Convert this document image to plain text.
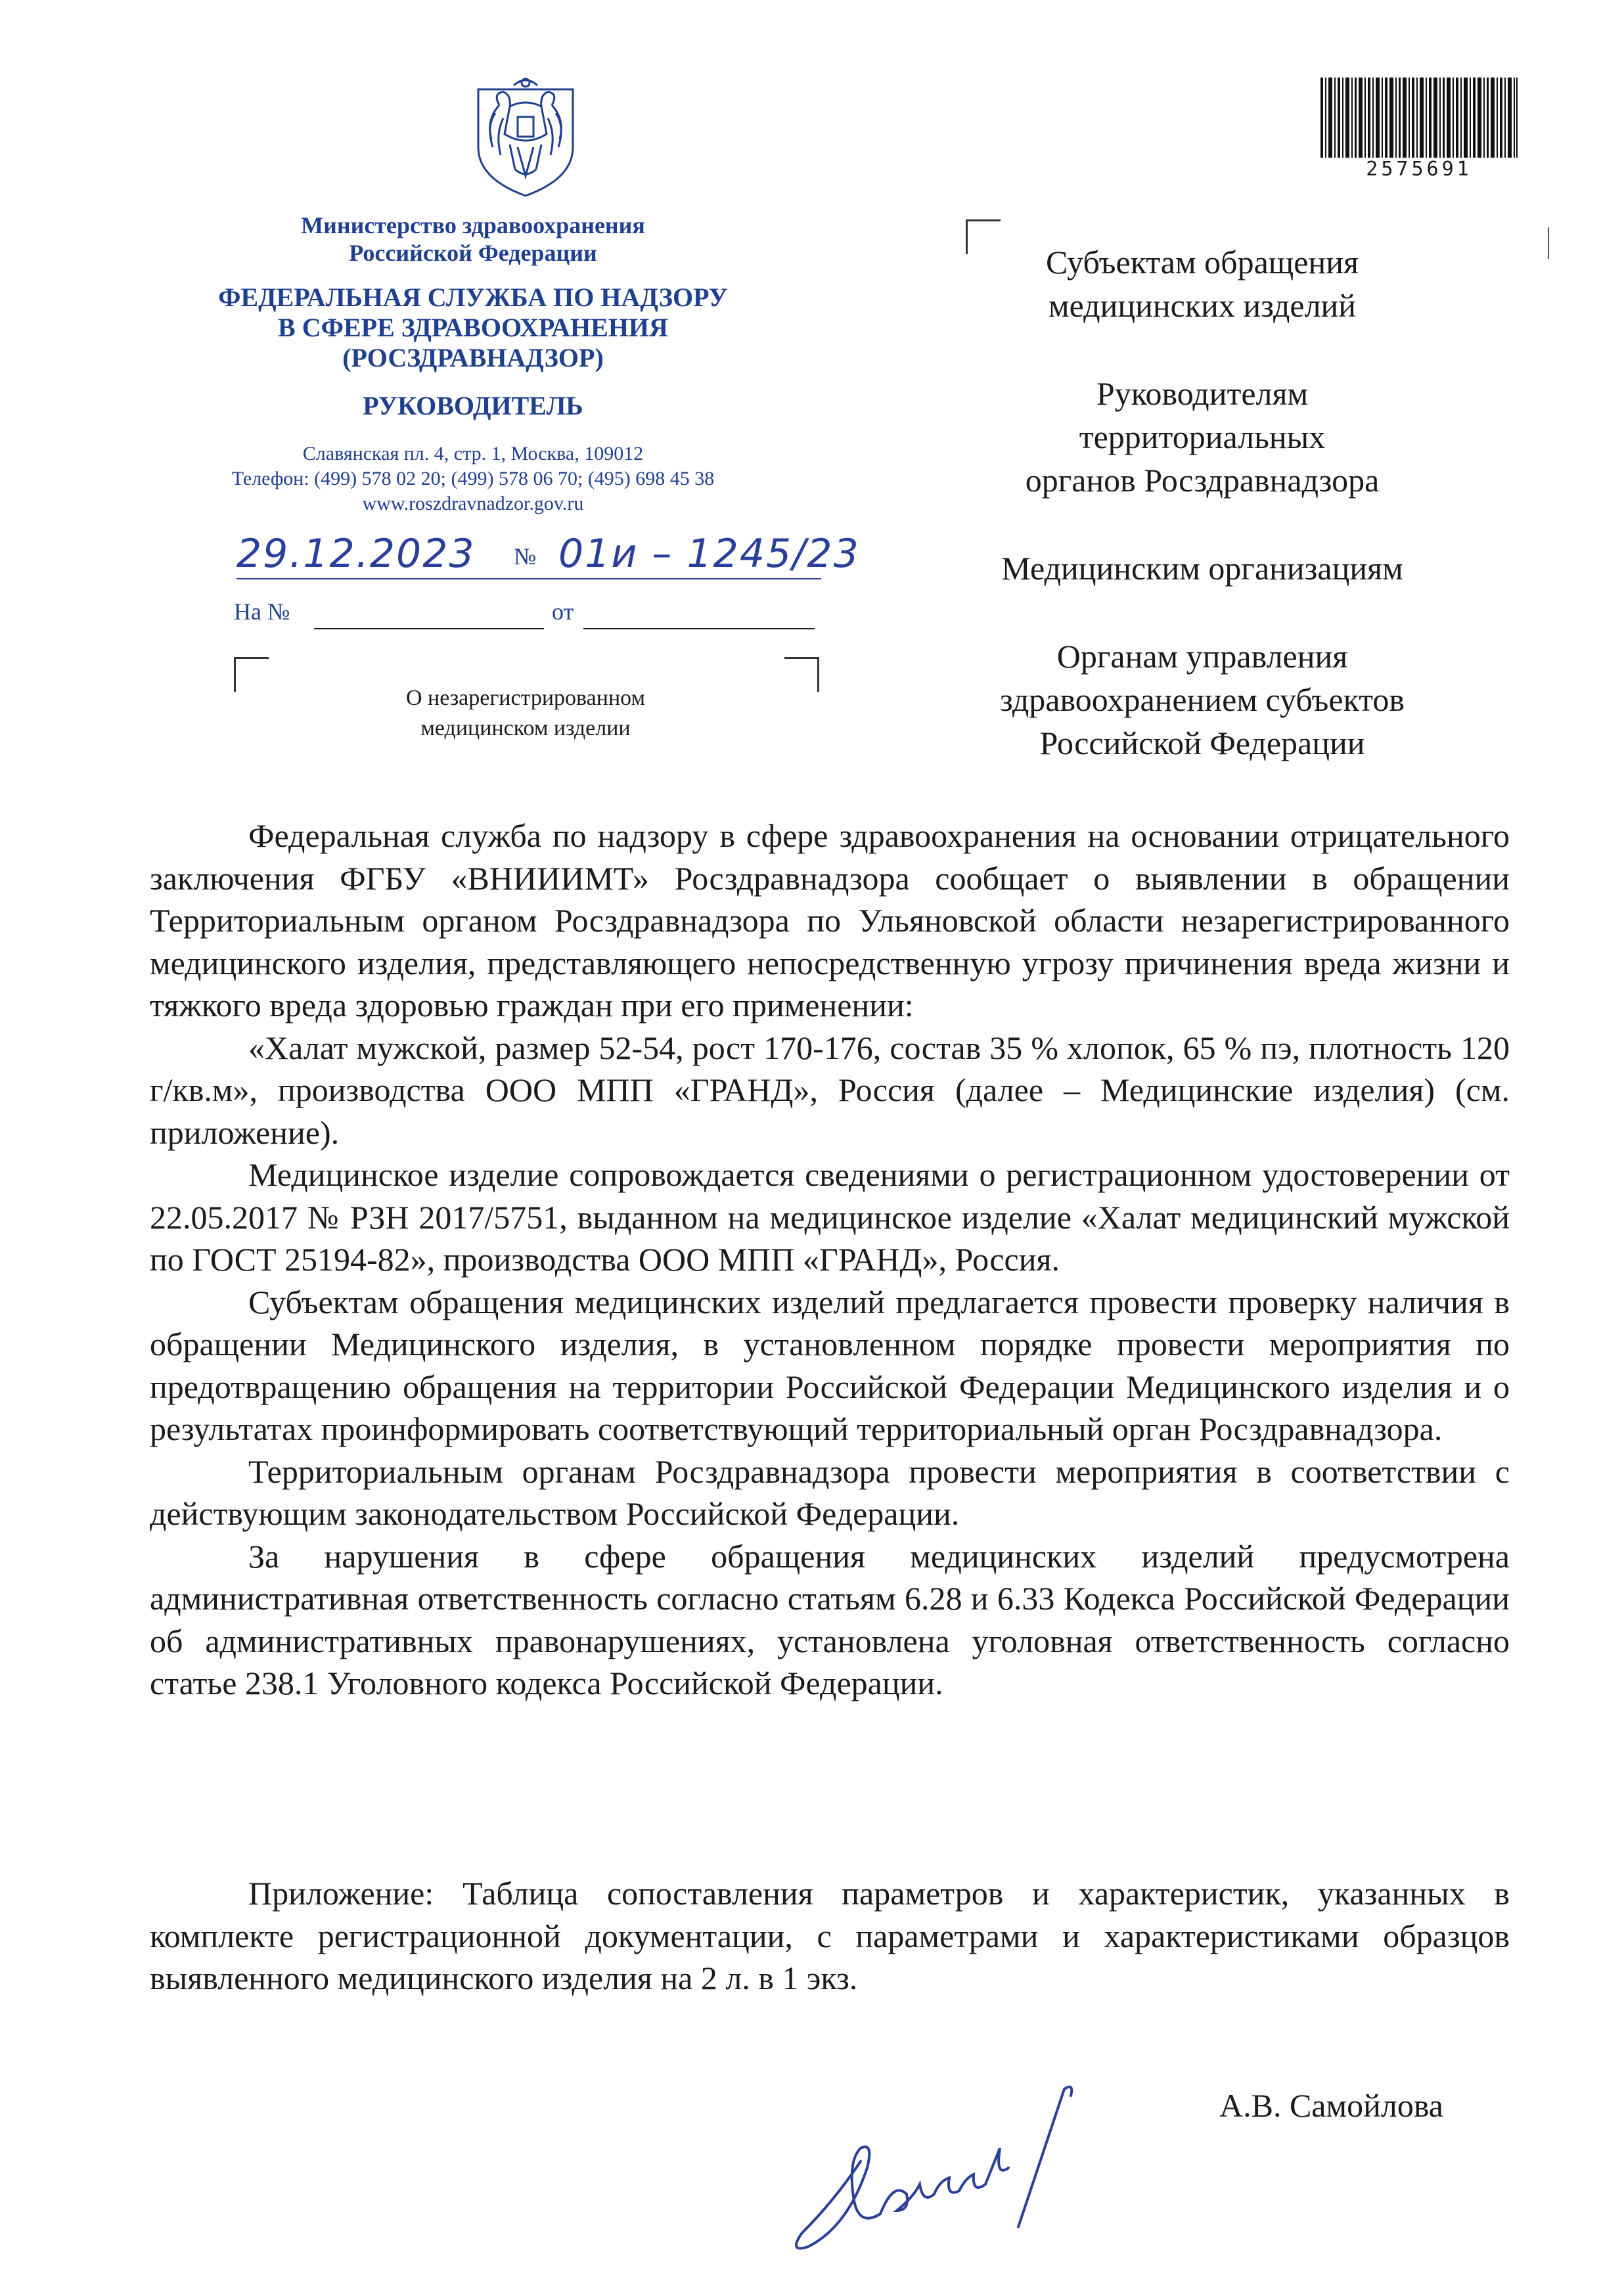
Министерство здравоохранения
Российской Федерации
ФЕДЕРАЛЬНАЯ СЛУЖБА ПО НАДЗОРУ
В СФЕРЕ ЗДРАВООХРАНЕНИЯ
(РОСЗДРАВНАДЗОР)
РУКОВОДИТЕЛЬ
Славянская пл. 4, стр. 1, Москва, 109012
Телефон: (499) 578 02 20; (499) 578 06 70; (495) 698 45 38
www.roszdravnadzor.gov.ru
29.12.2023 № 01и – 1245/23
На №	от
О незарегистрированном
медицинском изделии
2575691

Субъектам обращения
медицинских изделий

Руководителям
территориальных
органов Росздравнадзора

Медицинским организациям

Органам управления
здравоохранением субъектов
Российской Федерации

Федеральная служба по надзору в сфере здравоохранения на основании отрицательного заключения ФГБУ «ВНИИИМТ» Росздравнадзора сообщает о выявлении в обращении Территориальным органом Росздравнадзора по Ульяновской области незарегистрированного медицинского изделия, представляющего непосредственную угрозу причинения вреда жизни и тяжкого вреда здоровью граждан при его применении:

«Халат мужской, размер 52-54, рост 170-176, состав 35 % хлопок, 65 % пэ, плотность 120 г/кв.м», производства ООО МПП «ГРАНД», Россия (далее – Медицинские изделия) (см. приложение).

Медицинское изделие сопровождается сведениями о регистрационном удостоверении от 22.05.2017 № РЗН 2017/5751, выданном на медицинское изделие «Халат медицинский мужской по ГОСТ 25194-82», производства ООО МПП «ГРАНД», Россия.

Субъектам обращения медицинских изделий предлагается провести проверку наличия в обращении Медицинского изделия, в установленном порядке провести мероприятия по предотвращению обращения на территории Российской Федерации Медицинского изделия и о результатах проинформировать соответствующий территориальный орган Росздравнадзора.

Территориальным органам Росздравнадзора провести мероприятия в соответствии с действующим законодательством Российской Федерации.

За нарушения в сфере обращения медицинских изделий предусмотрена административная ответственность согласно статьям 6.28 и 6.33 Кодекса Российской Федерации об административных правонарушениях, установлена уголовная ответственность согласно статье 238.1 Уголовного кодекса Российской Федерации.

Приложение: Таблица сопоставления параметров и характеристик, указанных в комплекте регистрационной документации, с параметрами и характеристиками образцов выявленного медицинского изделия на 2 л. в 1 экз.
А.В. Самойлова
